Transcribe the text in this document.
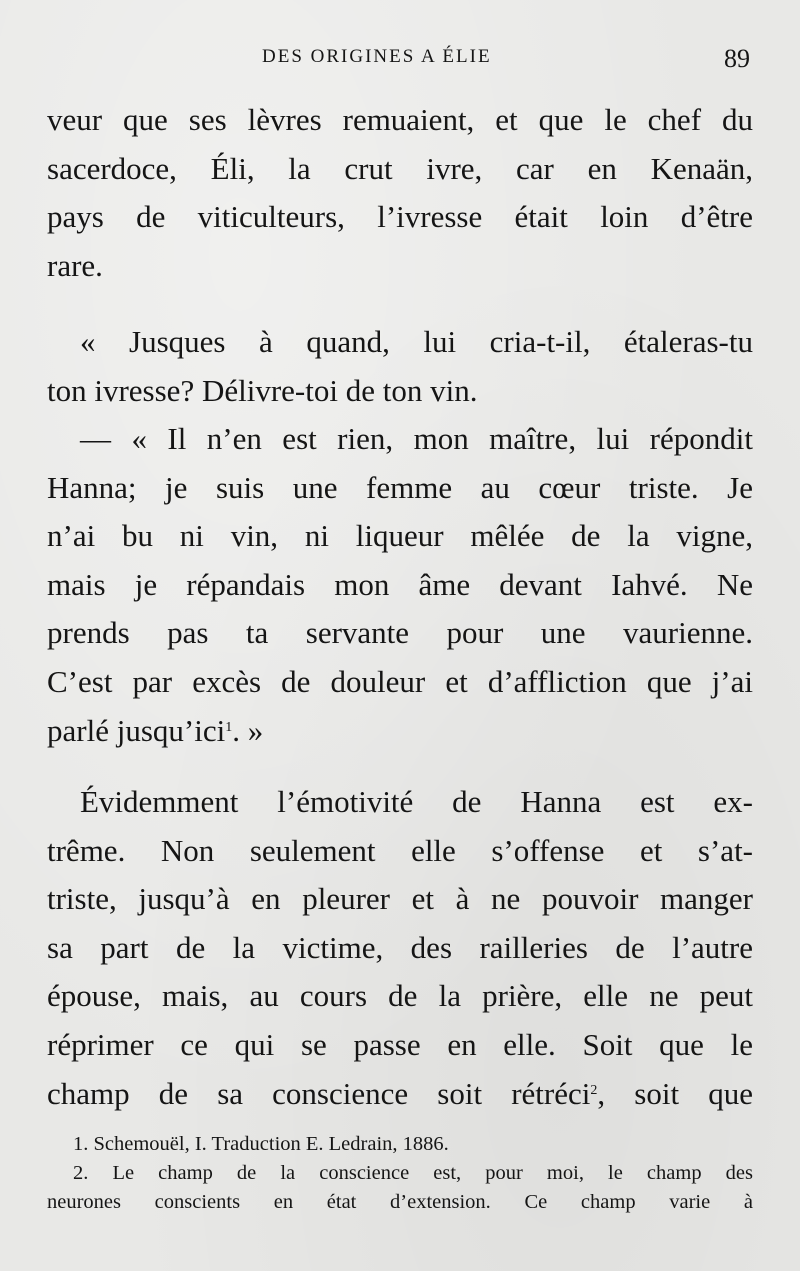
DES ORIGINES A ÉLIE	89
veur que ses lèvres remuaient, et que le chef du
sacerdoce, Éli, la crut ivre, car en Kenaän,
pays de viticulteurs, l’ivresse était loin d’être
rare.
« Jusques à quand, lui cria-t-il, étaleras-tu
ton ivresse? Délivre-toi de ton vin.
— « Il n’en est rien, mon maître, lui répondit
Hanna; je suis une femme au cœur triste. Je
n’ai bu ni vin, ni liqueur mêlée de la vigne,
mais je répandais mon âme devant Iahvé. Ne
prends pas ta servante pour une vaurienne.
C’est par excès de douleur et d’affliction que j’ai
parlé jusqu’ici$^1$. »
Évidemment l’émotivité de Hanna est ex-
trême. Non seulement elle s’offense et s’at-
triste, jusqu’à en pleurer et à ne pouvoir manger
sa part de la victime, des railleries de l’autre
épouse, mais, au cours de la prière, elle ne peut
réprimer ce qui se passe en elle. Soit que le
champ de sa conscience soit rétréci$^2$, soit que
1. Schemouël, I. Traduction E. Ledrain, 1886.
2. Le champ de la conscience est, pour moi, le champ des
neurones conscients en état d’extension. Ce champ varie à
